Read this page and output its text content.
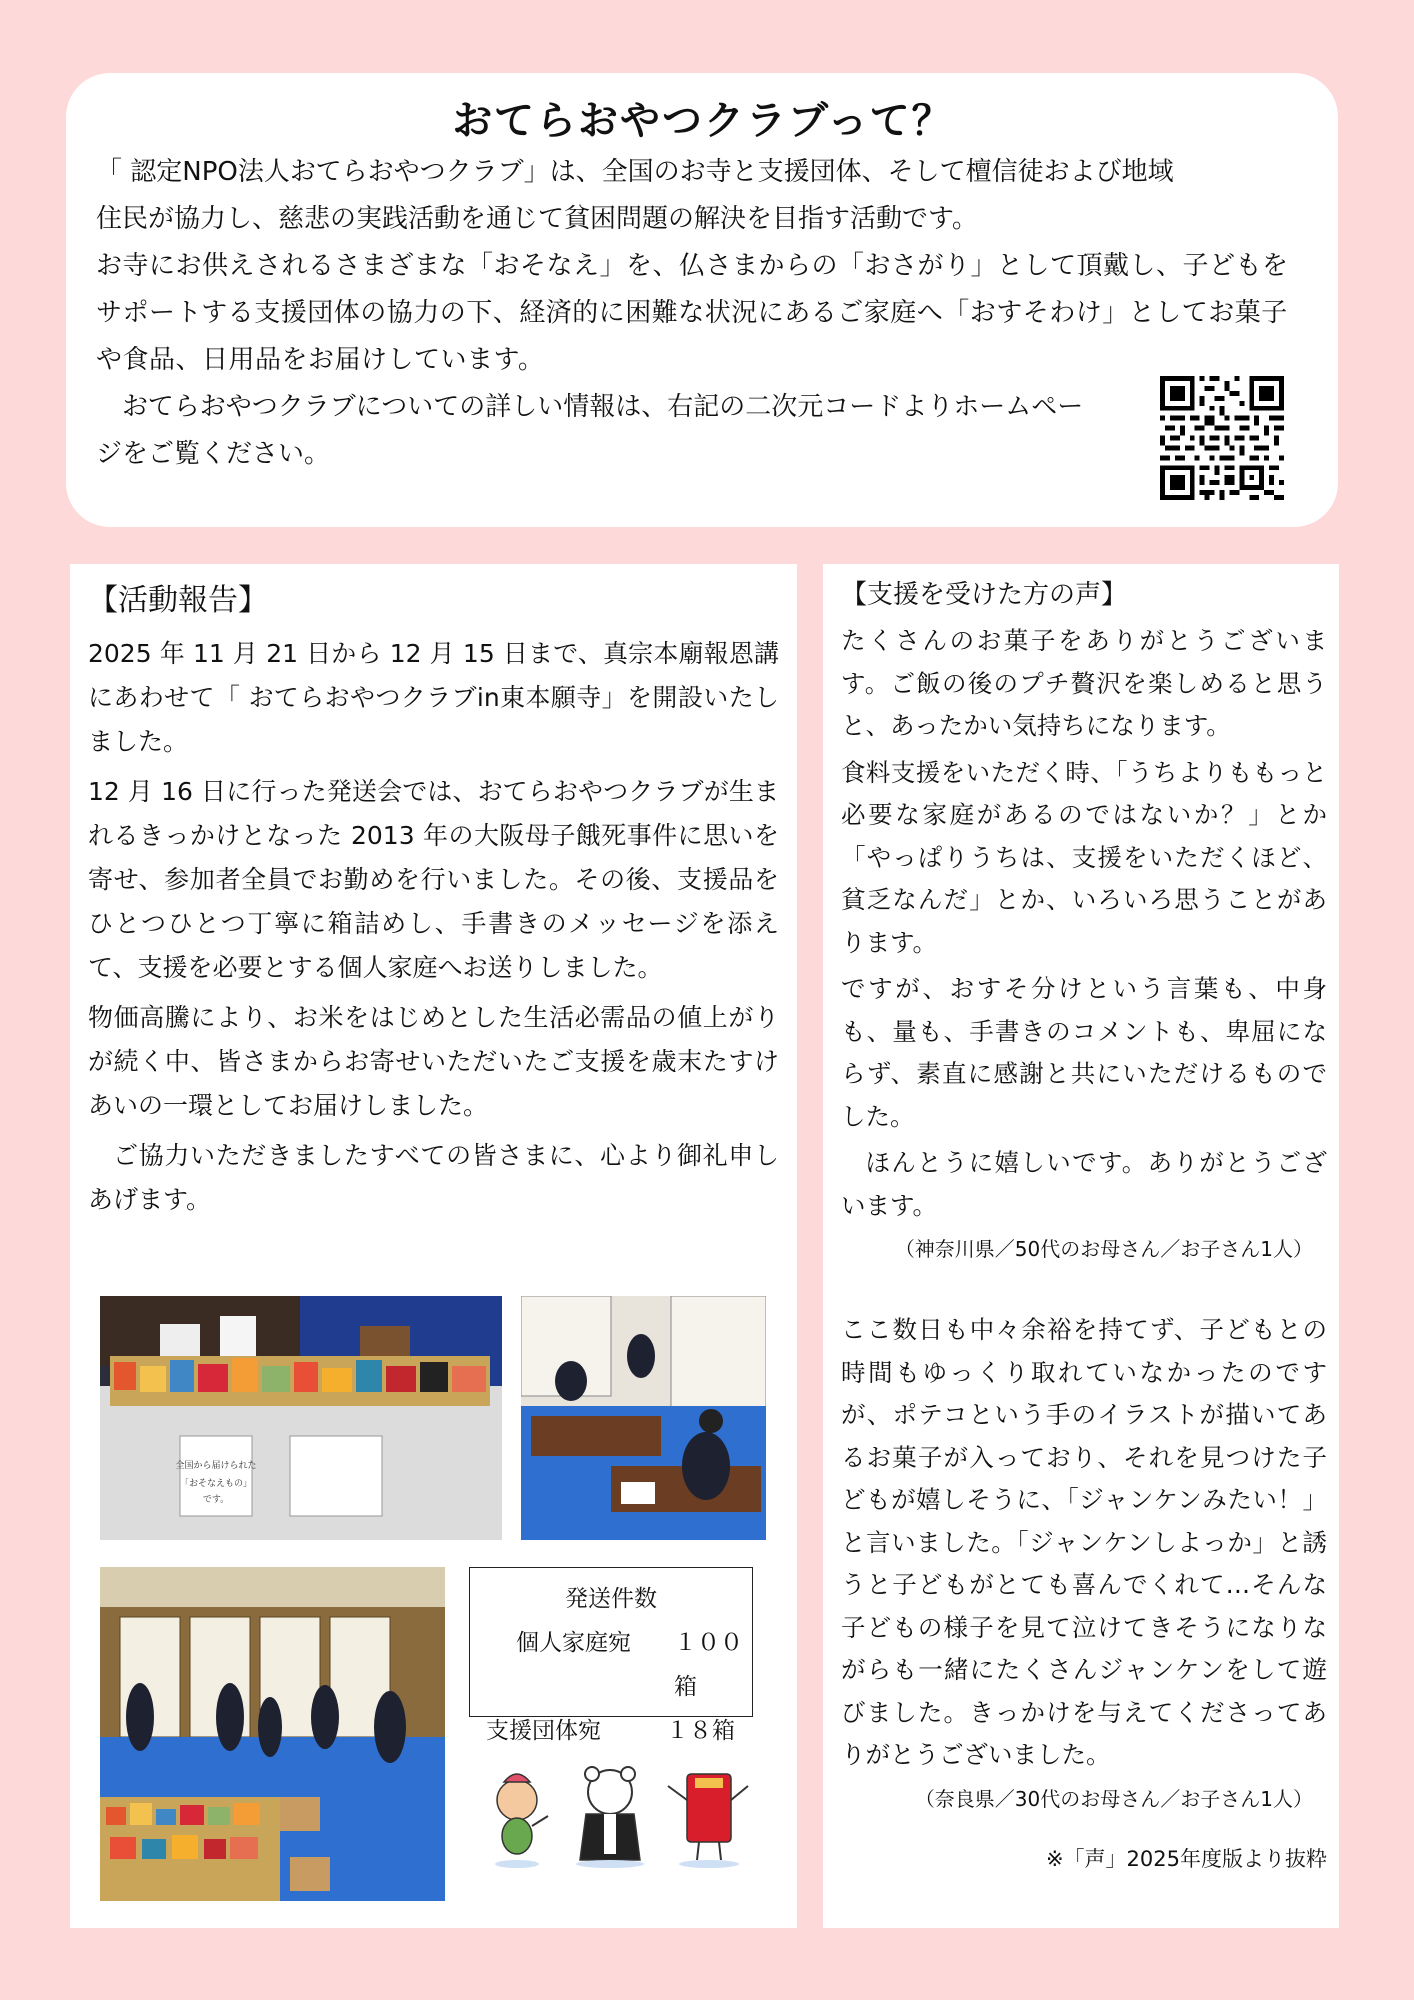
おてらおやつクラブって？

「 認定NPO法人おてらおやつクラブ」は、全国のお寺と支援団体、そして檀信徒および地域

住民が協力し、慈悲の実践活動を通じて貧困問題の解決を目指す活動です。

お寺にお供えされるさまざまな「おそなえ」を、仏さまからの「おさがり」として頂戴し、子どもをサポートする支援団体の協力の下、経済的に困難な状況にあるご家庭へ「おすそわけ」としてお菓子や食品、日用品をお届けしています。

おてらおやつクラブについての詳しい情報は、右記の二次元コードよりホームページをご覧ください。

【活動報告】

2025 年 11 月 21 日から 12 月 15 日まで、真宗本廟報恩講にあわせて「 おてらおやつクラブin東本願寺」を開設いたしました。

12 月 16 日に行った発送会では、おてらおやつクラブが生まれるきっかけとなった 2013 年の大阪母子餓死事件に思いを寄せ、参加者全員でお勤めを行いました。その後、支援品をひとつひとつ丁寧に箱詰めし、手書きのメッセージを添えて、支援を必要とする個人家庭へお送りしました。

物価高騰により、お米をはじめとした生活必需品の値上がりが続く中、皆さまからお寄せいただいたご支援を歳末たすけあいの一環としてお届けしました。

ご協力いただきましたすべての皆さまに、心より御礼申しあげます。

全国から届けられた
「おそなえもの」
です。
発送件数
個人家庭宛	１００箱
支援団体宛	１８箱
【支援を受けた方の声】

たくさんのお菓子をありがとうございます。ご飯の後のプチ贅沢を楽しめると思うと、あったかい気持ちになります。

食料支援をいただく時、「うちよりももっと必要な家庭があるのではないか？」とか「やっぱりうちは、支援をいただくほど、貧乏なんだ」とか、いろいろ思うことがあります。

ですが、おすそ分けという言葉も、中身も、量も、手書きのコメントも、卑屈にならず、素直に感謝と共にいただけるものでした。

ほんとうに嬉しいです。ありがとうございます。

（神奈川県／50代のお母さん／お子さん1人）

ここ数日も中々余裕を持てず、子どもとの時間もゆっくり取れていなかったのですが、ポテコという手のイラストが描いてあるお菓子が入っており、それを見つけた子どもが嬉しそうに、「ジャンケンみたい！」と言いました。「ジャンケンしよっか」と誘うと子どもがとても喜んでくれて…そんな子どもの様子を見て泣けてきそうになりながらも一緒にたくさんジャンケンをして遊びました。きっかけを与えてくださってありがとうございました。

（奈良県／30代のお母さん／お子さん1人）

※「声」2025年度版より抜粋
